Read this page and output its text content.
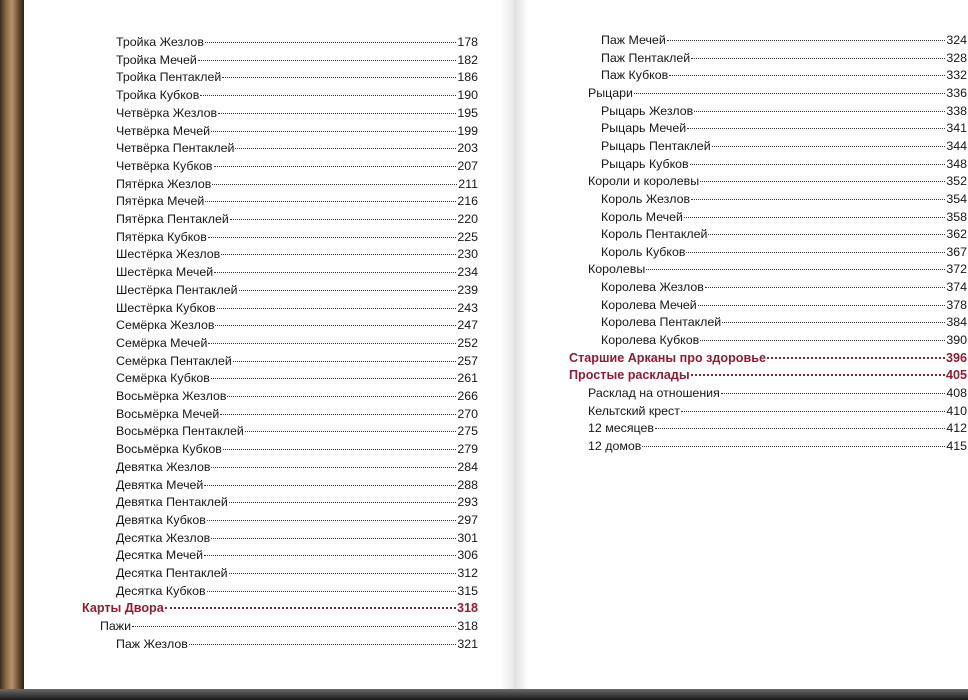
Тройка Жезлов	178
Тройка Мечей	182
Тройка Пентаклей	186
Тройка Кубков	190
Четвёрка Жезлов	195
Четвёрка Мечей	199
Четвёрка Пентаклей	203
Четвёрка Кубков	207
Пятёрка Жезлов	211
Пятёрка Мечей	216
Пятёрка Пентаклей	220
Пятёрка Кубков	225
Шестёрка Жезлов	230
Шестёрка Мечей	234
Шестёрка Пентаклей	239
Шестёрка Кубков	243
Семёрка Жезлов	247
Семёрка Мечей	252
Семёрка Пентаклей	257
Семёрка Кубков	261
Восьмёрка Жезлов	266
Восьмёрка Мечей	270
Восьмёрка Пентаклей	275
Восьмёрка Кубков	279
Девятка Жезлов	284
Девятка Мечей	288
Девятка Пентаклей	293
Девятка Кубков	297
Десятка Жезлов	301
Десятка Мечей	306
Десятка Пентаклей	312
Десятка Кубков	315
Карты Двора	318
Пажи	318
Паж Жезлов	321
Паж Мечей	324
Паж Пентаклей	328
Паж Кубков	332
Рыцари	336
Рыцарь Жезлов	338
Рыцарь Мечей	341
Рыцарь Пентаклей	344
Рыцарь Кубков	348
Короли и королевы	352
Король Жезлов	354
Король Мечей	358
Король Пентаклей	362
Король Кубков	367
Королевы	372
Королева Жезлов	374
Королева Мечей	378
Королева Пентаклей	384
Королева Кубков	390
Старшие Арканы про здоровье	396
Простые расклады	405
Расклад на отношения	408
Кельтский крест	410
12 месяцев	412
12 домов	415
